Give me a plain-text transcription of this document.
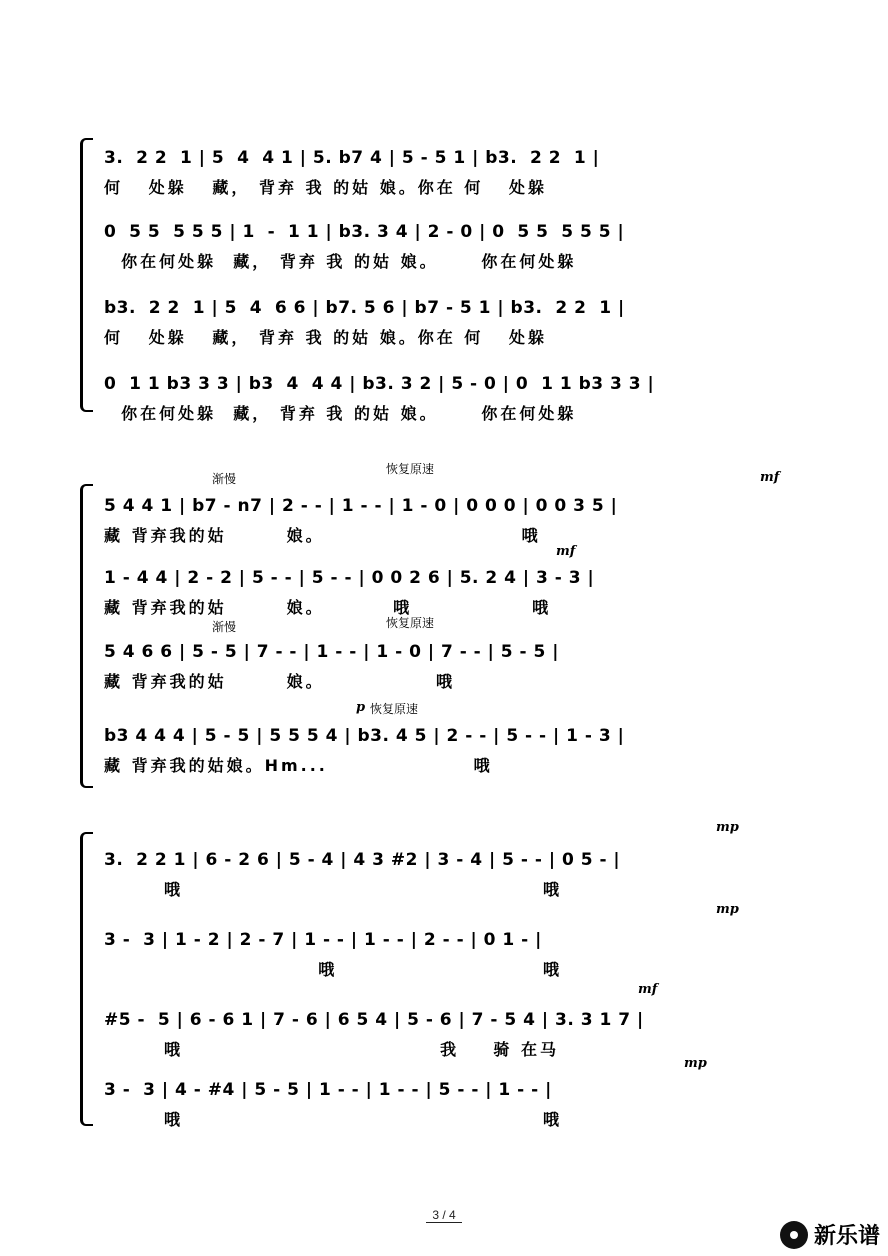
3.  2 2  1 | 5  4  4 1 | 5. b7 4 | 5 - 5 1 | b3.  2 2  1 |
何   处躲   藏， 背弃 我 的姑 娘。你在 何   处躲
0  5 5  5 5 5 | 1  -  1 1 | b3. 3 4 | 2 - 0 | 0  5 5  5 5 5 |
你在何处躲  藏， 背弃 我 的姑 娘。     你在何处躲
b3.  2 2  1 | 5  4  6 6 | b7. 5 6 | b7 - 5 1 | b3.  2 2  1 |
何   处躲   藏， 背弃 我 的姑 娘。你在 何   处躲
0  1 1 b3 3 3 | b3  4  4 4 | b3. 3 2 | 5 - 0 | 0  1 1 b3 3 3 |
你在何处躲  藏， 背弃 我 的姑 娘。     你在何处躲
渐慢
恢复原速
mf
5 4 4 1 | b7 - n7 | 2 - - | 1 - - | 1 - 0 | 0 0 0 | 0 0 3 5 |
藏 背弃我的姑       娘。                       哦
mf
1 - 4 4 | 2 - 2 | 5 - - | 5 - - | 0 0 2 6 | 5. 2 4 | 3 - 3 |
藏 背弃我的姑       娘。        哦              哦
渐慢	恢复原速
5 4 6 6 | 5 - 5 | 7 - - | 1 - - | 1 - 0 | 7 - - | 5 - 5 |
藏 背弃我的姑       娘。             哦
p 恢复原速
b3 4 4 4 | 5 - 5 | 5 5 5 4 | b3. 4 5 | 2 - - | 5 - - | 1 - 3 |
藏 背弃我的姑娘。Hm...                 哦
mp
3.  2 2 1 | 6 - 2 6 | 5 - 4 | 4 3 #2 | 3 - 4 | 5 - - | 0 5 - |
哦                                          哦
mp
3 -  3 | 1 - 2 | 2 - 7 | 1 - - | 1 - - | 2 - - | 0 1 - |
哦                        哦
mf
#5 -  5 | 6 - 6 1 | 7 - 6 | 6 5 4 | 5 - 6 | 7 - 5 4 | 3. 3 1 7 |
哦                              我    骑 在马
mp
3 -  3 | 4 - #4 | 5 - 5 | 1 - - | 1 - - | 5 - - | 1 - - |
哦                                          哦
3 / 4
新乐谱
